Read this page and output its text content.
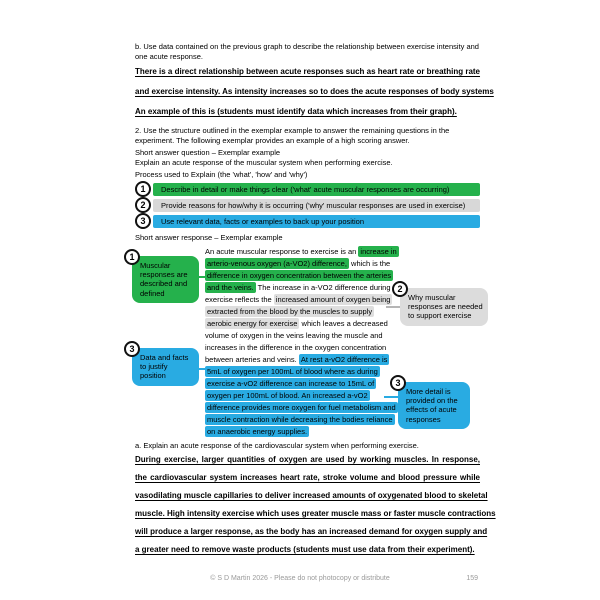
b. Use data contained on the previous graph to describe the relationship between exercise intensity and one acute response.
There is a direct relationship between acute responses such as heart rate or breathing rate
and exercise intensity. As intensity increases so to does the acute responses of body systems
An example of this is (students must identify data which increases from their graph).
2. Use the structure outlined in the exemplar example to answer the remaining questions in the experiment. The following exemplar provides an example of a high scoring answer.
Short answer question – Exemplar example
Explain an acute response of the muscular system when performing exercise.
Process used to Explain (the 'what', 'how' and 'why')
1	Describe in detail or make things clear ('what' acute muscular responses are occurring)
2	Provide reasons for how/why it is occurring ('why' muscular responses are used in exercise)
3	Use relevant data, facts or examples to back up your position
Short answer response – Exemplar example
An acute muscular response to exercise is an increase in arterio-venous oxygen (a-VO2) difference, which is the difference in oxygen concentration between the arteries and the veins. The increase in a-VO2 difference during exercise reflects the increased amount of oxygen being extracted from the blood by the muscles to supply aerobic energy for exercise which leaves a decreased volume of oxygen in the veins leaving the muscle and increases in the difference in the oxygen concentration between arteries and veins. At rest a-vO2 difference is 5mL of oxygen per 100mL of blood where as during exercise a-vO2 difference can increase to 15mL of oxygen per 100mL of blood. An increased a-vO2 difference provides more oxygen for fuel metabolism and muscle contraction while decreasing the bodies reliance on anaerobic energy supplies.
1
Muscular responses are described and defined	2
Why muscular responses are needed to support exercise
3
Data and facts to justify position
3
More detail is provided on the effects of acute responses
a. Explain an acute response of the cardiovascular system when performing exercise.
During exercise, larger quantities of oxygen are used by working muscles. In response,
the cardiovascular system increases heart rate, stroke volume and blood pressure while
vasodilating muscle capillaries to deliver increased amounts of oxygenated blood to skeletal
muscle. High intensity exercise which uses greater muscle mass or faster muscle contractions
will produce a larger response, as the body has an increased demand for oxygen supply and
a greater need to remove waste products (students must use data from their experiment).
© S D Martin 2026 - Please do not photocopy or distribute	159
